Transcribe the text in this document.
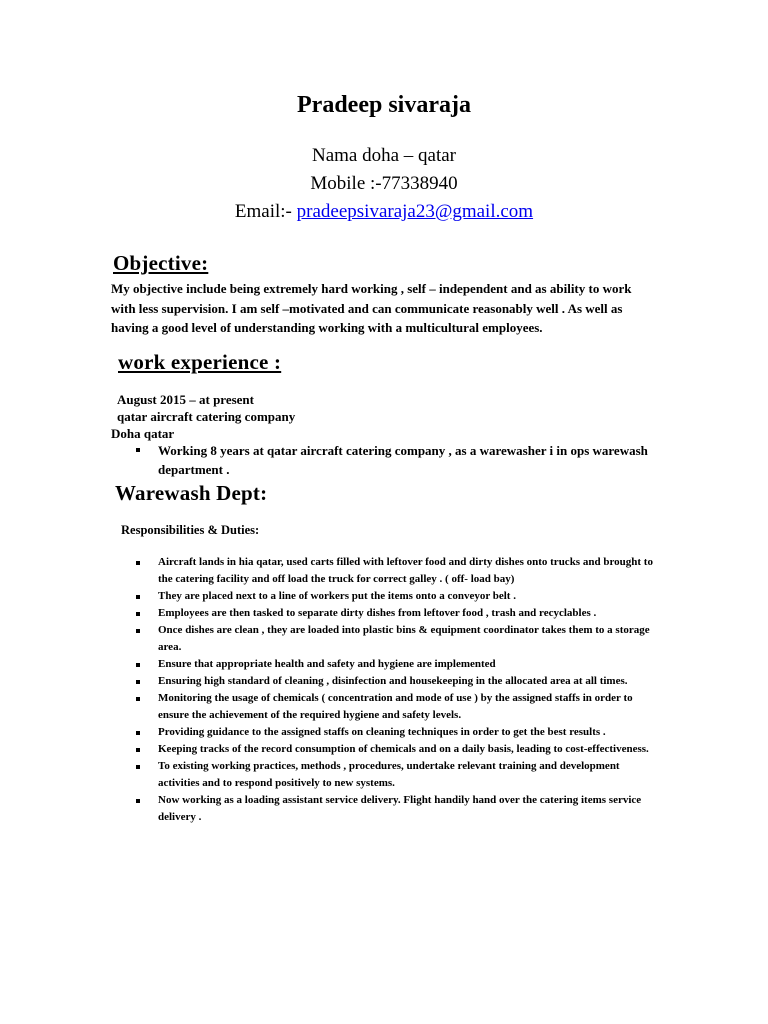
Pradeep sivaraja
Nama doha – qatar
Mobile :-77338940
Email:- pradeepsivaraja23@gmail.com
Objective:
My objective include being extremely hard working , self – independent and as ability to work with less supervision. I am self –motivated and can communicate reasonably well . As well as having a good level of understanding working with a multicultural employees.
work experience :
August 2015 – at present
qatar aircraft catering company
Doha qatar
Working 8 years at qatar aircraft catering company , as a warewasher i in ops warewash department .
Warewash Dept:
Responsibilities & Duties:
Aircraft lands in hia qatar, used carts filled with leftover food and dirty dishes onto trucks and brought to the catering facility and off load the truck for correct galley . ( off- load bay)
They are placed next to a line of workers put the items onto a conveyor belt .
Employees are then tasked to separate dirty dishes from leftover food , trash and recyclables .
Once dishes are clean , they are loaded into plastic bins & equipment coordinator takes them to a storage area.
Ensure that appropriate health and safety and hygiene are implemented
Ensuring high standard of cleaning , disinfection and housekeeping in the allocated area at all times.
Monitoring the usage of chemicals ( concentration and mode of use ) by the assigned staffs in order to ensure the achievement of the required hygiene and safety levels.
Providing guidance to the assigned staffs on cleaning techniques in order to get the best results .
Keeping tracks of the record consumption of chemicals and on a daily basis, leading to cost-effectiveness.
To existing working practices, methods , procedures, undertake relevant training and development activities and to respond positively to new systems.
Now working as a loading assistant service delivery. Flight handily hand over the catering items service delivery .
